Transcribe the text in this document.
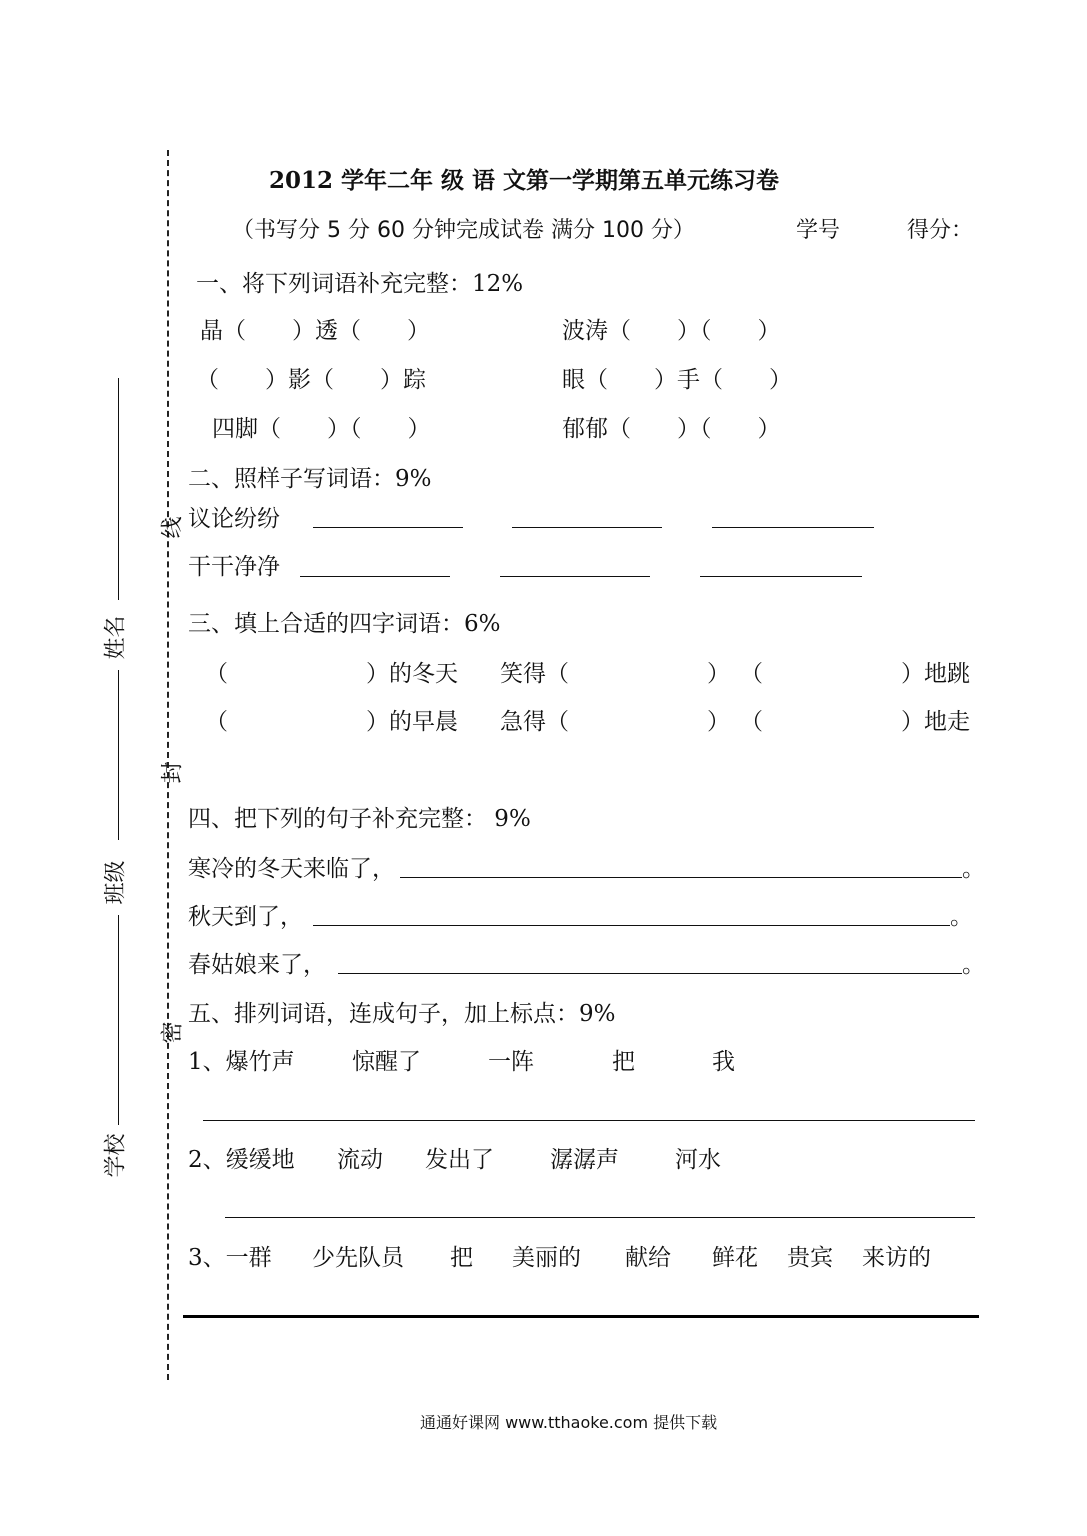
线
封
密
姓名
班级
学校
2012 学年二年 级 语 文第一学期第五单元练习卷
（书写分 5 分 60 分钟完成试卷 满分 100 分）	学号	得分：
一、将下列词语补充完整：12%
晶（　　）透（　　）	波涛（　　）（　　）
（　　）影（　　）踪	眼（　　）手（　　）
四脚（　　）（　　）	郁郁（　　）（　　）
二、照样子写词语：9%
议论纷纷
干干净净
三、填上合适的四字词语：6%
（　　　　　　）的冬天 笑得（　　　　　　） （　　　　　　）地跳
（　　　　　　）的早晨 急得（　　　　　　） （　　　　　　）地走
四、把下列的句子补充完整： 9%
寒冷的冬天来临了，	。
秋天到了，	。
春姑娘来了，	。
五、排列词语，连成句子，加上标点：9%
1、爆竹声 惊醒了	一阵	把	我
2、缓缓地 流动 发出了 潺潺声 河水
3、一群 少先队员 把 美丽的 献给 鲜花 贵宾 来访的
通通好课网 www.tthaoke.com 提供下载
